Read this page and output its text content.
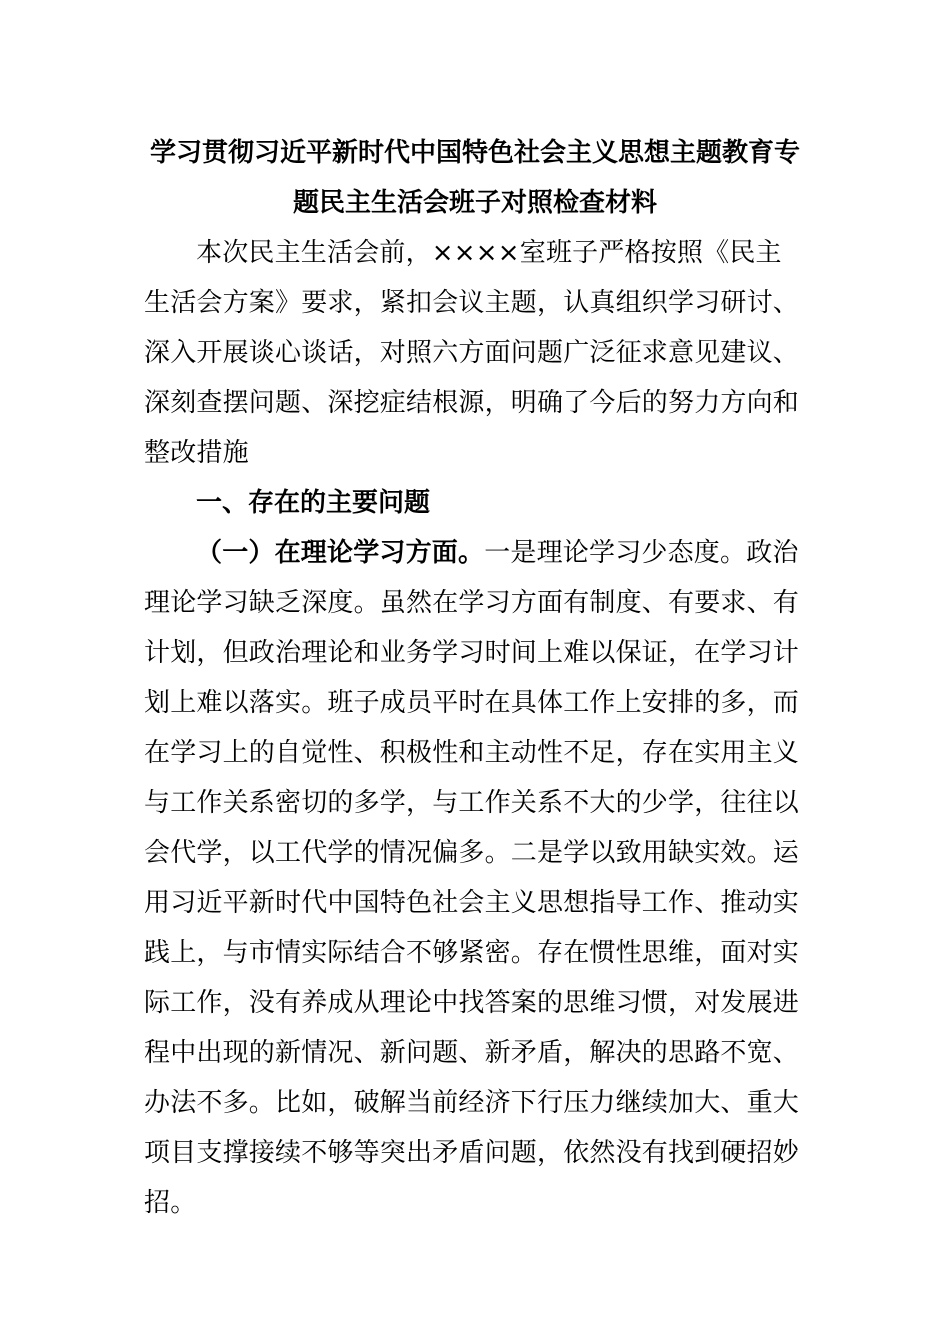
学习贯彻习近平新时代中国特色社会主义思想主题教育专
题民主生活会班子对照检查材料

本次民主生活会前，××××室班子严格按照《民主生活会方案》要求，紧扣会议主题，认真组织学习研讨、深入开展谈心谈话，对照六方面问题广泛征求意见建议、深刻查摆问题、深挖症结根源，明确了今后的努力方向和整改措施

一、存在的主要问题

（一）在理论学习方面。一是理论学习少态度。政治理论学习缺乏深度。虽然在学习方面有制度、有要求、有计划，但政治理论和业务学习时间上难以保证，在学习计划上难以落实。班子成员平时在具体工作上安排的多，而在学习上的自觉性、积极性和主动性不足，存在实用主义与工作关系密切的多学，与工作关系不大的少学，往往以会代学，以工代学的情况偏多。二是学以致用缺实效。运用习近平新时代中国特色社会主义思想指导工作、推动实践上，与市情实际结合不够紧密。存在惯性思维，面对实际工作，没有养成从理论中找答案的思维习惯，对发展进程中出现的新情况、新问题、新矛盾，解决的思路不宽、办法不多。比如，破解当前经济下行压力继续加大、重大项目支撑接续不够等突出矛盾问题，依然没有找到硬招妙招。
